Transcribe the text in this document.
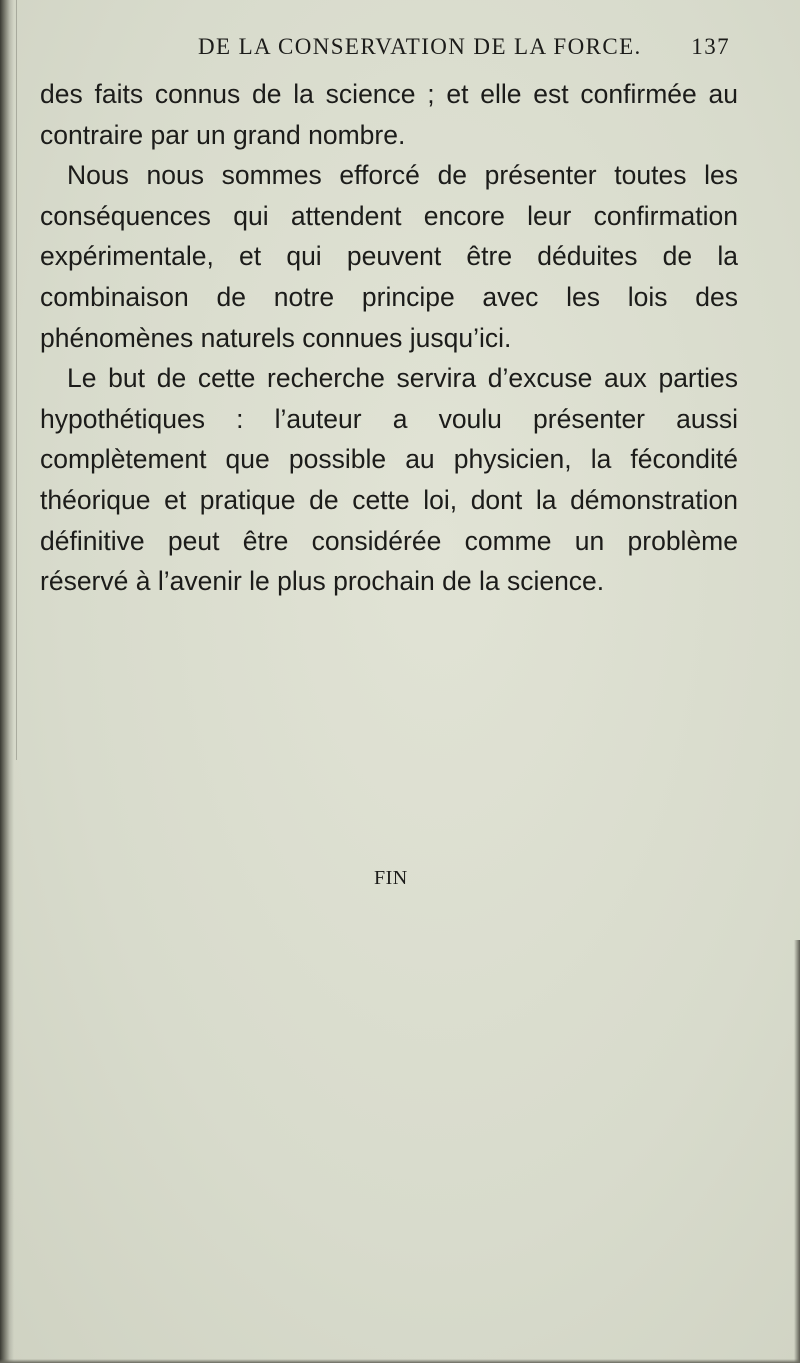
DE LA CONSERVATION DE LA FORCE. 137

des faits connus de la science ; et elle est confirmée au contraire par un grand nombre.

Nous nous sommes efforcé de présenter toutes les conséquences qui attendent encore leur confirmation expérimentale, et qui peuvent être déduites de la combinaison de notre principe avec les lois des phénomènes naturels connues jusqu’ici.

Le but de cette recherche servira d’excuse aux parties hypothétiques : l’auteur a voulu présenter aussi complètement que possible au physicien, la fécondité théorique et pratique de cette loi, dont la démonstration définitive peut être considérée comme un problème réservé à l’avenir le plus prochain de la science.

FIN
